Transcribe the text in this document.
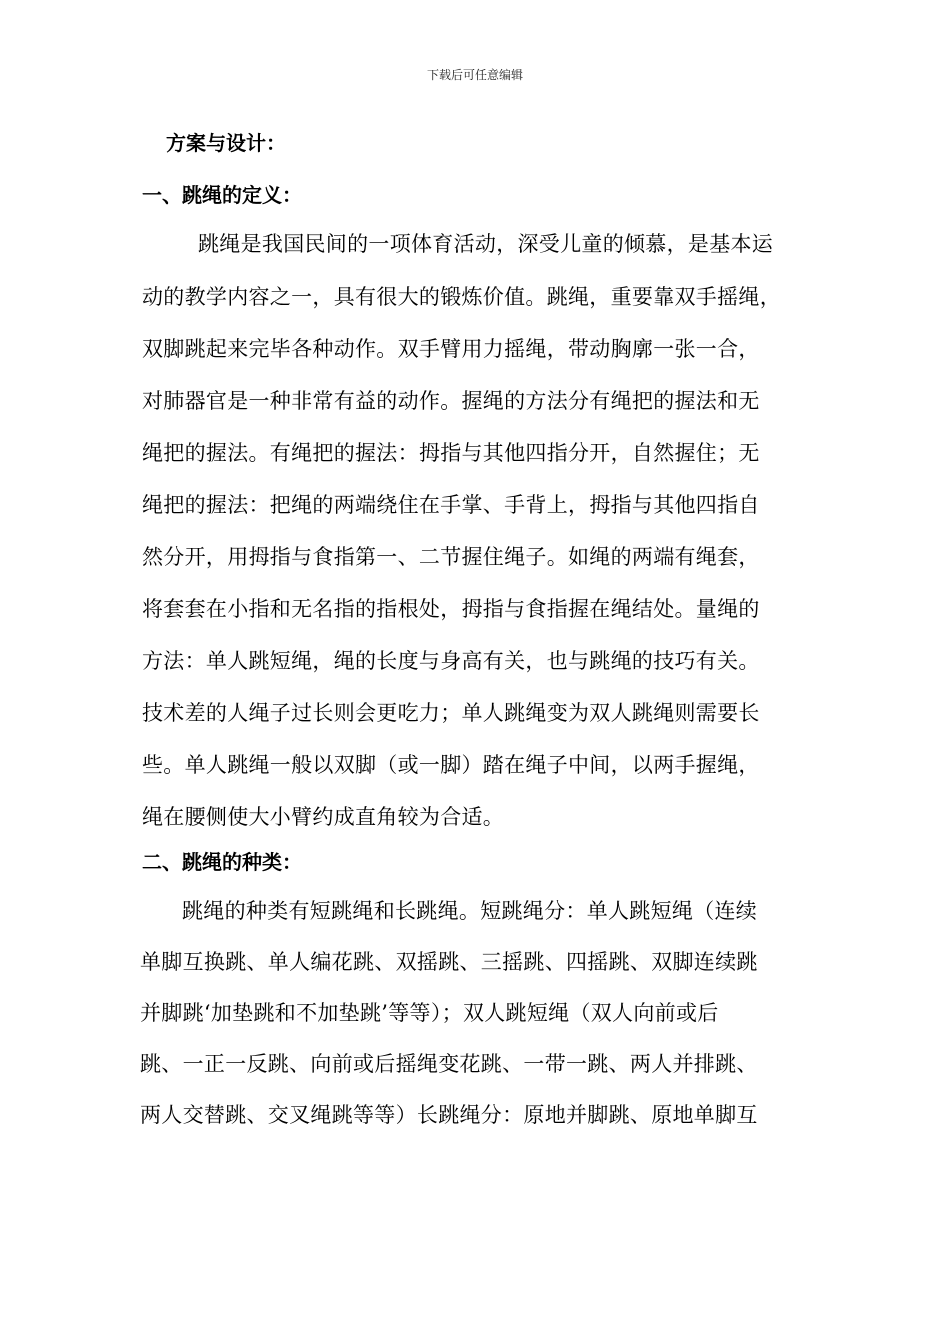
下载后可任意编辑
方案与设计：
一、跳绳的定义：
跳绳是我国民间的一项体育活动，深受儿童的倾慕，是基本运
动的教学内容之一，具有很大的锻炼价值。跳绳，重要靠双手摇绳，
双脚跳起来完毕各种动作。双手臂用力摇绳，带动胸廓一张一合，
对肺器官是一种非常有益的动作。握绳的方法分有绳把的握法和无
绳把的握法。有绳把的握法：拇指与其他四指分开，自然握住；无
绳把的握法：把绳的两端绕住在手掌、手背上，拇指与其他四指自
然分开，用拇指与食指第一、二节握住绳子。如绳的两端有绳套，
将套套在小指和无名指的指根处，拇指与食指握在绳结处。量绳的
方法：单人跳短绳，绳的长度与身高有关，也与跳绳的技巧有关。
技术差的人绳子过长则会更吃力；单人跳绳变为双人跳绳则需要长
些。单人跳绳一般以双脚（或一脚）踏在绳子中间，以两手握绳，
绳在腰侧使大小臂约成直角较为合适。
二、跳绳的种类：
跳绳的种类有短跳绳和长跳绳。短跳绳分：单人跳短绳（连续
单脚互换跳、单人编花跳、双摇跳、三摇跳、四摇跳、双脚连续跳
并脚跳‘加垫跳和不加垫跳’等等）；双人跳短绳（双人向前或后
跳、一正一反跳、向前或后摇绳变花跳、一带一跳、两人并排跳、
两人交替跳、交叉绳跳等等）长跳绳分：原地并脚跳、原地单脚互
